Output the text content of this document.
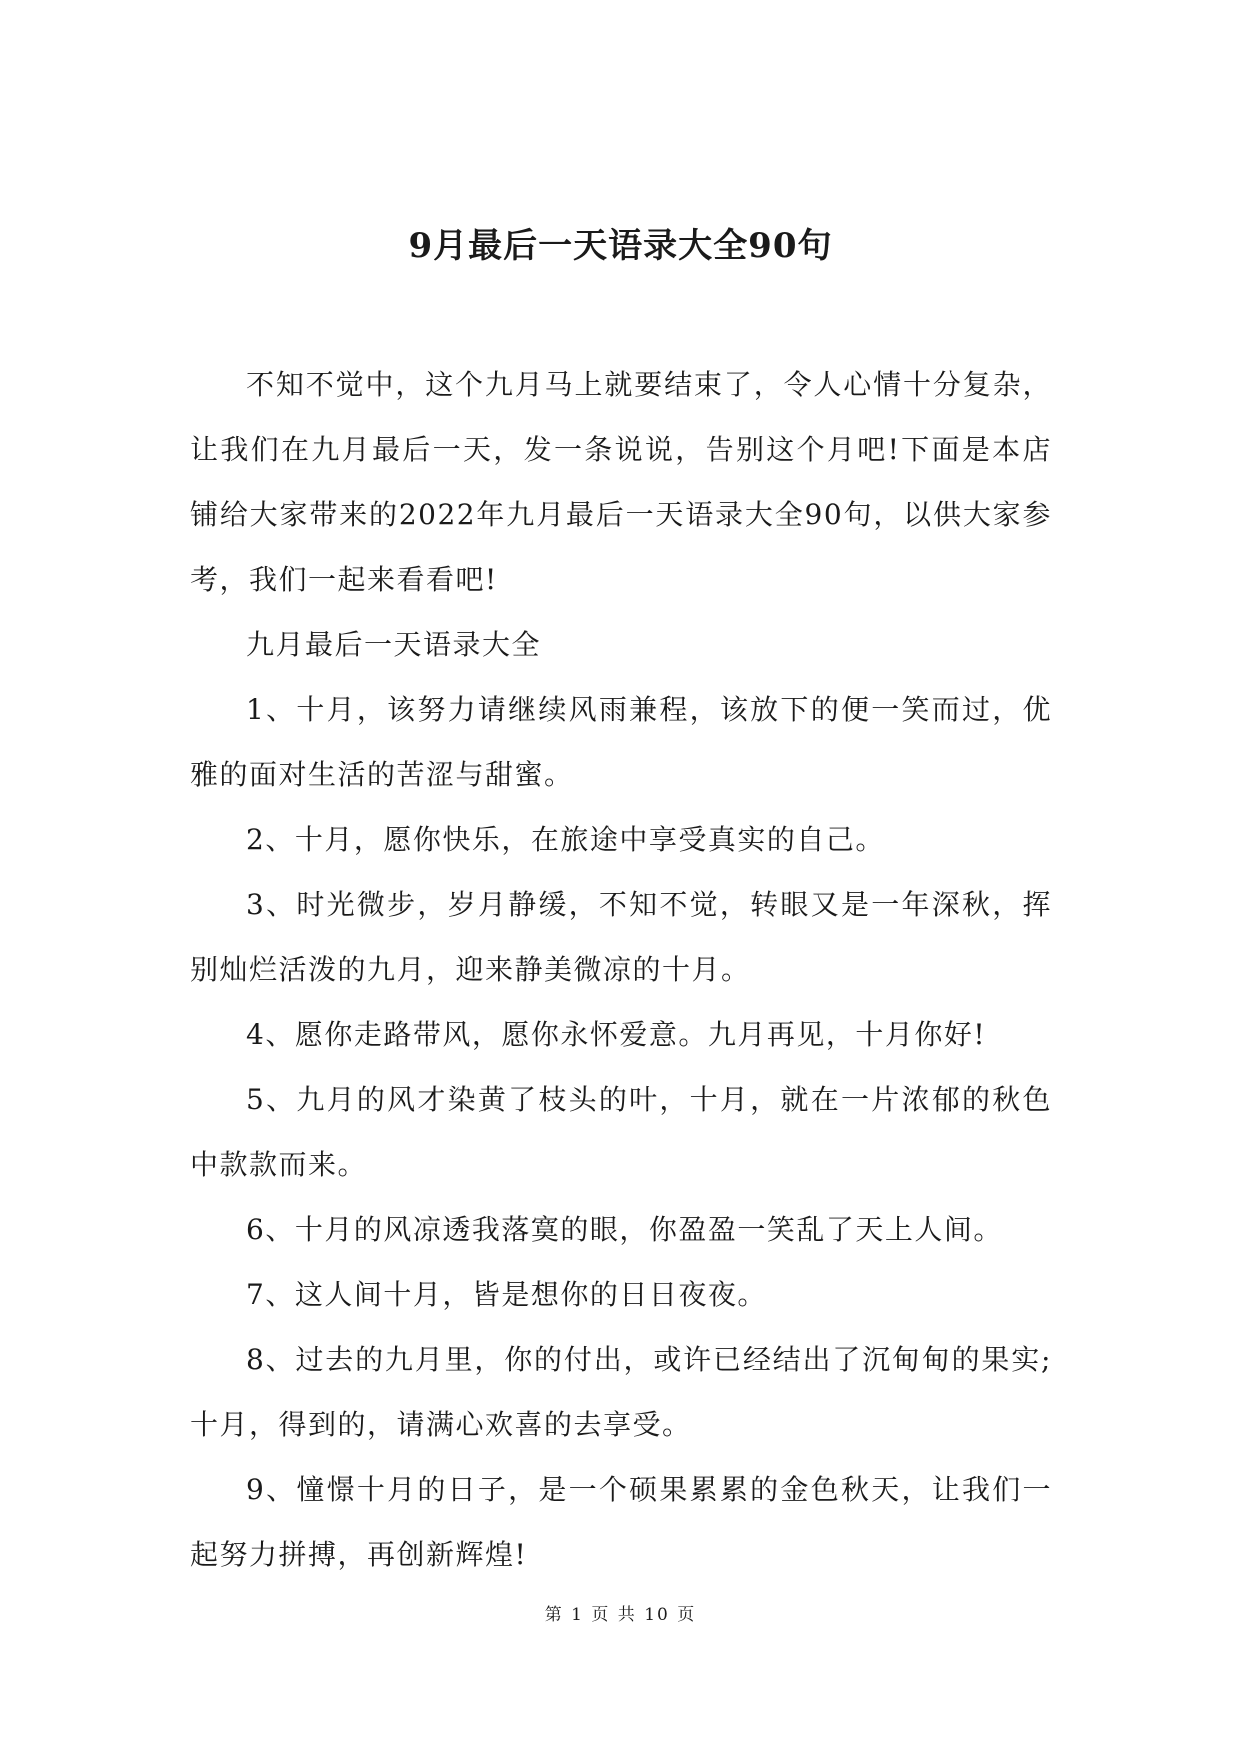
9月最后一天语录大全90句

不知不觉中，这个九月马上就要结束了，令人心情十分复杂，让我们在九月最后一天，发一条说说，告别这个月吧!下面是本店铺给大家带来的2022年九月最后一天语录大全90句，以供大家参考，我们一起来看看吧!

九月最后一天语录大全

1、十月，该努力请继续风雨兼程，该放下的便一笑而过，优雅的面对生活的苦涩与甜蜜。

2、十月，愿你快乐，在旅途中享受真实的自己。

3、时光微步，岁月静缓，不知不觉，转眼又是一年深秋，挥别灿烂活泼的九月，迎来静美微凉的十月。

4、愿你走路带风，愿你永怀爱意。九月再见，十月你好!

5、九月的风才染黄了枝头的叶，十月，就在一片浓郁的秋色中款款而来。

6、十月的风凉透我落寞的眼，你盈盈一笑乱了天上人间。

7、这人间十月，皆是想你的日日夜夜。

8、过去的九月里，你的付出，或许已经结出了沉甸甸的果实;十月，得到的，请满心欢喜的去享受。

9、憧憬十月的日子，是一个硕果累累的金色秋天，让我们一起努力拼搏，再创新辉煌!

第 1 页 共 10 页
